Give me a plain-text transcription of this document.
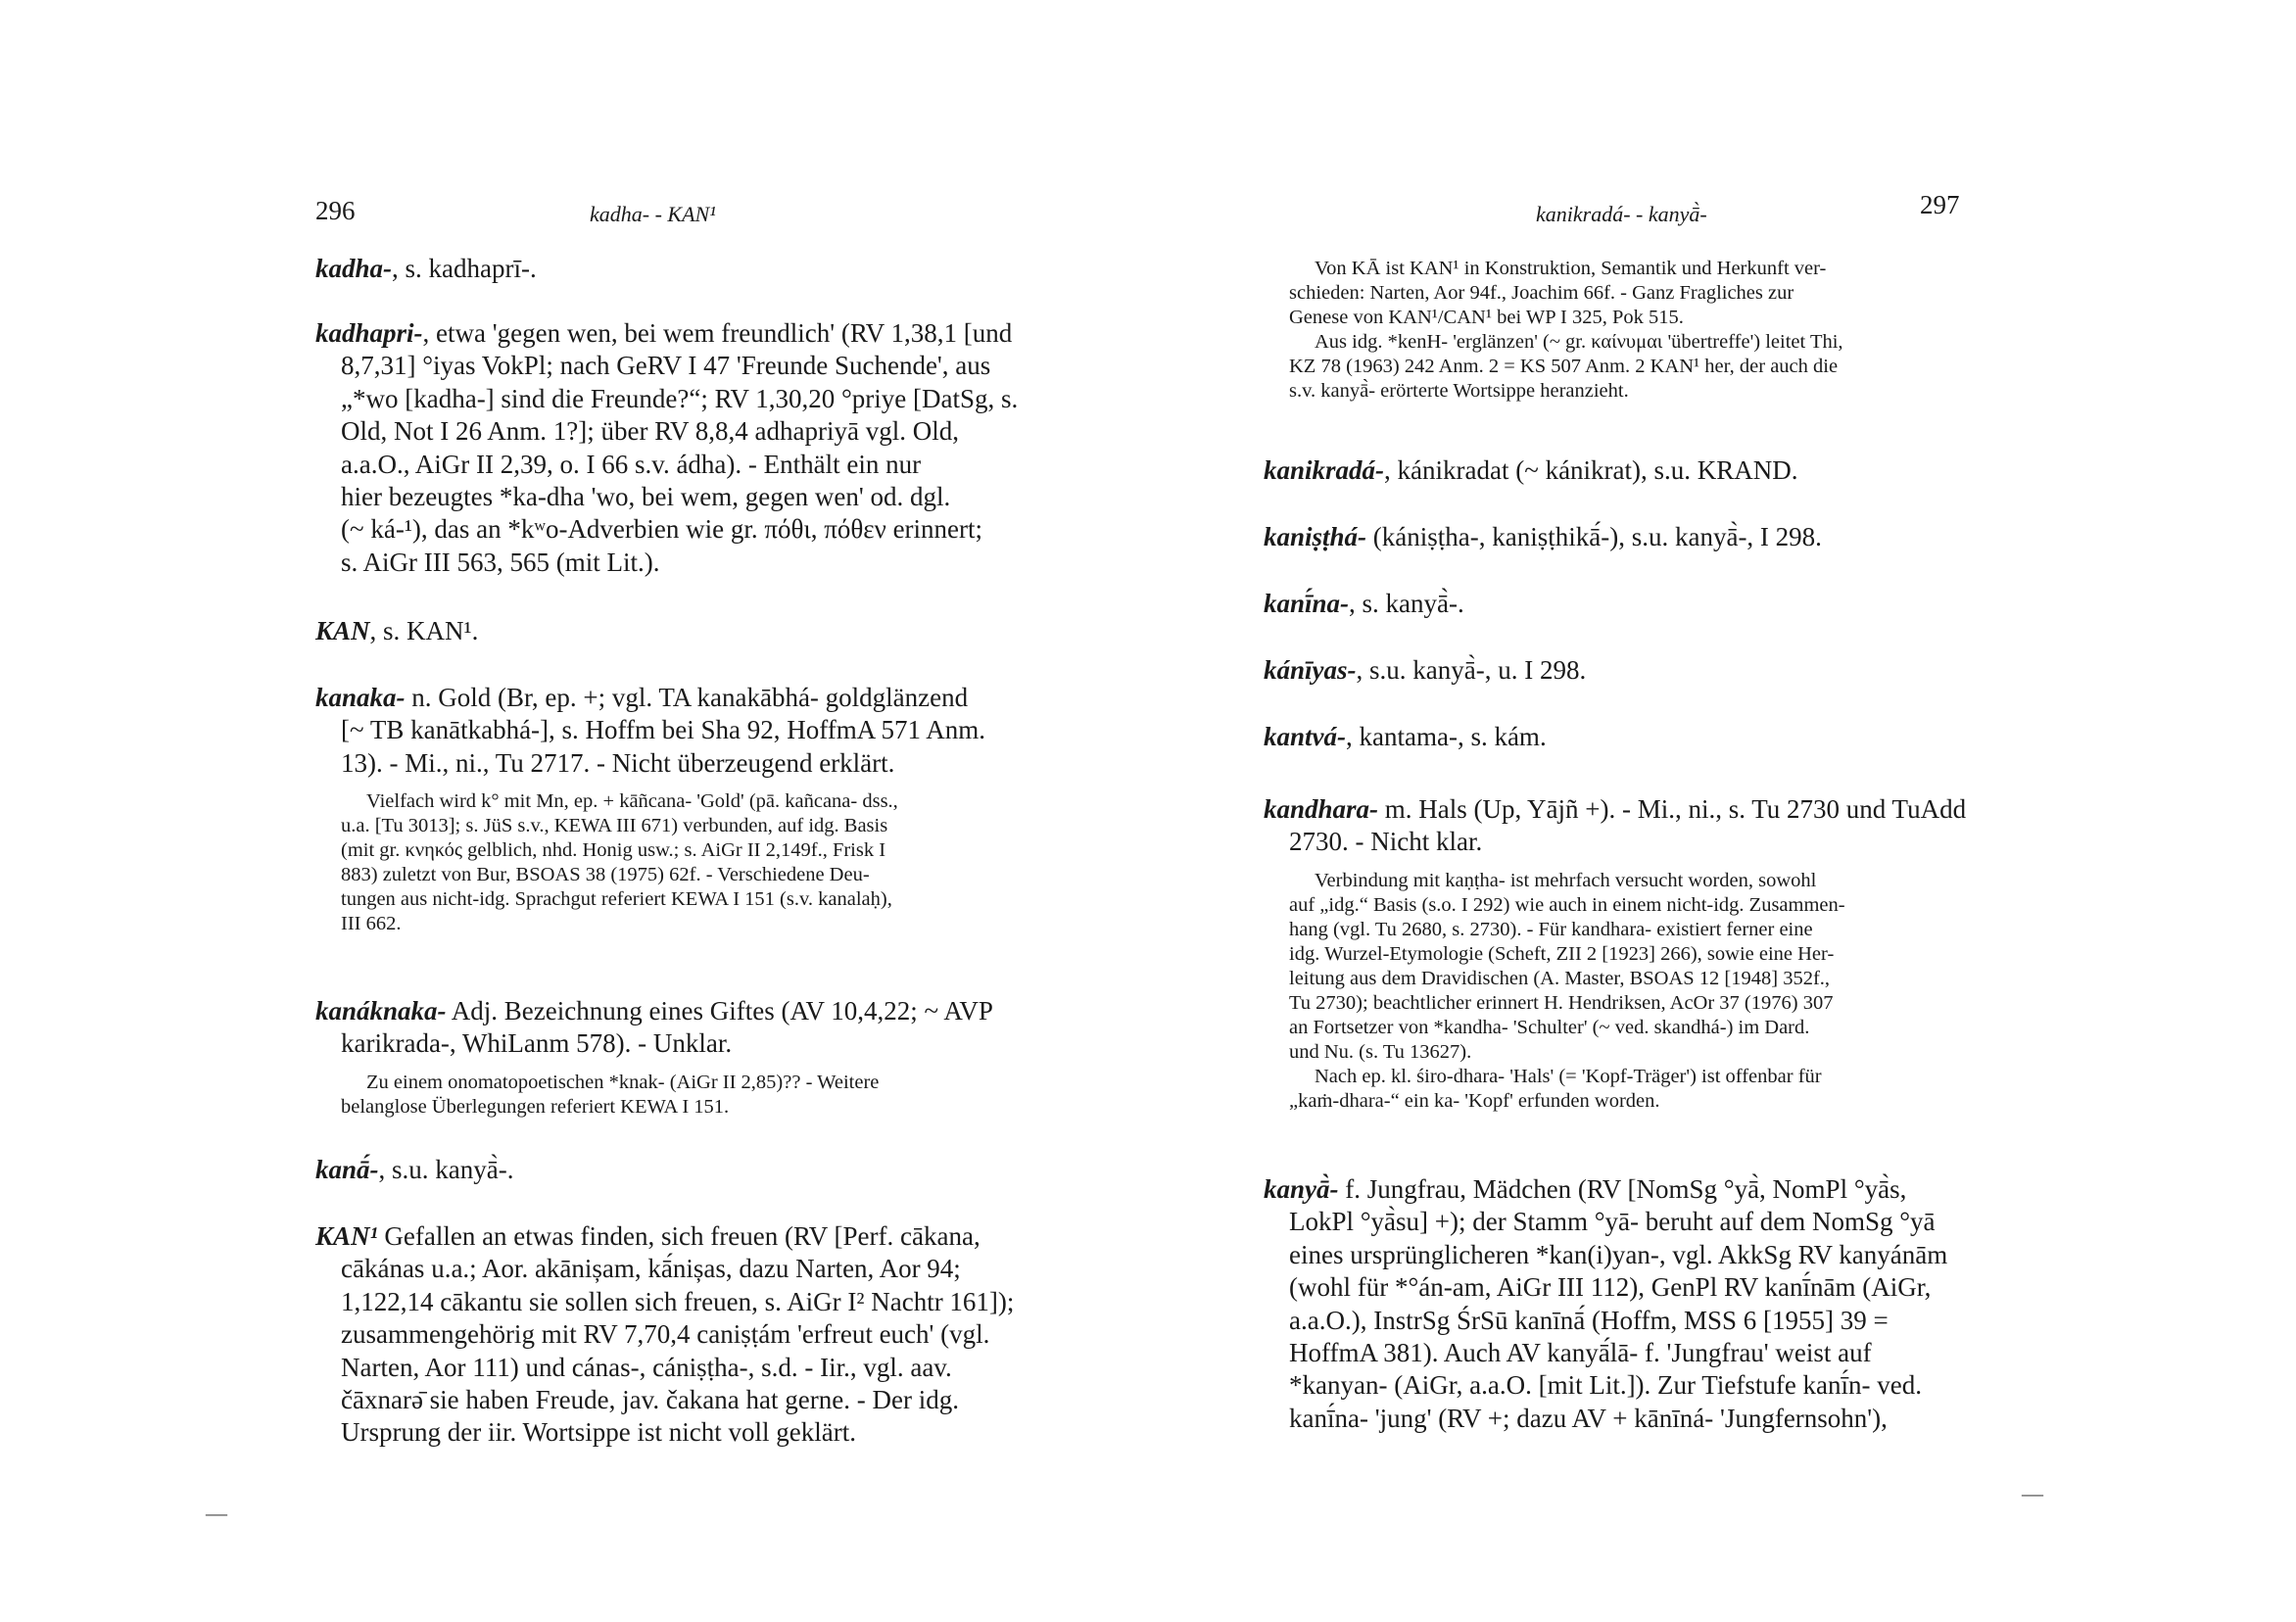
296	kadha- - KAN¹

kadha-, s. kadhaprī-.

kadhapri-, etwa 'gegen wen, bei wem freundlich' (RV 1,38,1 [und

8,7,31] °iyas VokPl; nach GeRV I 47 'Freunde Suchende', aus
„*wo [kadha-] sind die Freunde?“; RV 1,30,20 °priye [DatSg, s.
Old, Not I 26 Anm. 1?]; über RV 8,8,4 adhapriyā vgl. Old,
a.a.O., AiGr II 2,39, o. I 66 s.v. ádha). - Enthält ein nur
hier bezeugtes *ka-dha 'wo, bei wem, gegen wen' od. dgl.
(~ ká-¹), das an *kʷo-Adverbien wie gr. πόθι, πόθεν erinnert;
s. AiGr III 563, 565 (mit Lit.).

KAN, s. KAN¹.

kanaka- n. Gold (Br, ep. +; vgl. TA kanakābhá- goldglänzend

[~ TB kanātkabhá-], s. Hoffm bei Sha 92, HoffmA 571 Anm.
13). - Mi., ni., Tu 2717. - Nicht überzeugend erklärt.
Vielfach wird k° mit Mn, ep. + kāñcana- 'Gold' (pā. kañcana- dss.,
u.a. [Tu 3013]; s. JüS s.v., KEWA III 671) verbunden, auf idg. Basis
(mit gr. κνηκός gelblich, nhd. Honig usw.; s. AiGr II 2,149f., Frisk I
883) zuletzt von Bur, BSOAS 38 (1975) 62f. - Verschiedene Deu-
tungen aus nicht-idg. Sprachgut referiert KEWA I 151 (s.v. kanalaḥ),
III 662.

kanáknaka- Adj. Bezeichnung eines Giftes (AV 10,4,22; ~ AVP

karikrada-, WhiLanm 578). - Unklar.
Zu einem onomatopoetischen *knak- (AiGr II 2,85)?? - Weitere
belanglose Überlegungen referiert KEWA I 151.

kanā́-, s.u. kanyā̀-.

KAN¹ Gefallen an etwas finden, sich freuen (RV [Perf. cākana,

cākánas u.a.; Aor. akānișam, kā́nișas, dazu Narten, Aor 94;
1,122,14 cākantu sie sollen sich freuen, s. AiGr I² Nachtr 161]);
zusammengehörig mit RV 7,70,4 caniṣṭám 'erfreut euch' (vgl.
Narten, Aor 111) und cánas-, cániṣṭha-, s.d. - Iir., vgl. aav.
čāxnarə̄ sie haben Freude, jav. čakana hat gerne. - Der idg.
Ursprung der iir. Wortsippe ist nicht voll geklärt.
kanikradá- - kanyā̀-	297
Von KĀ ist KAN¹ in Konstruktion, Semantik und Herkunft ver-
schieden: Narten, Aor 94f., Joachim 66f. - Ganz Fragliches zur
Genese von KAN¹/CAN¹ bei WP I 325, Pok 515.
Aus idg. *kenH- 'erglänzen' (~ gr. καίνυμαι 'übertreffe') leitet Thi,
KZ 78 (1963) 242 Anm. 2 = KS 507 Anm. 2 KAN¹ her, der auch die
s.v. kanyā̀- erörterte Wortsippe heranzieht.

kanikradá-, kánikradat (~ kánikrat), s.u. KRAND.

kaniṣṭhá- (kániṣṭha-, kaniṣṭhikā́-), s.u. kanyā̀-, I 298.

kanī́na-, s. kanyā̀-.

kánīyas-, s.u. kanyā̀-, u. I 298.

kantvá-, kantama-, s. kám.

kandhara- m. Hals (Up, Yājñ +). - Mi., ni., s. Tu 2730 und TuAdd

2730. - Nicht klar.
Verbindung mit kaṇṭha- ist mehrfach versucht worden, sowohl
auf „idg.“ Basis (s.o. I 292) wie auch in einem nicht-idg. Zusammen-
hang (vgl. Tu 2680, s. 2730). - Für kandhara- existiert ferner eine
idg. Wurzel-Etymologie (Scheft, ZII 2 [1923] 266), sowie eine Her-
leitung aus dem Dravidischen (A. Master, BSOAS 12 [1948] 352f.,
Tu 2730); beachtlicher erinnert H. Hendriksen, AcOr 37 (1976) 307
an Fortsetzer von *kandha- 'Schulter' (~ ved. skandhá-) im Dard.
und Nu. (s. Tu 13627).
Nach ep. kl. śiro-dhara- 'Hals' (= 'Kopf-Träger') ist offenbar für
„kaṁ-dhara-“ ein ka- 'Kopf' erfunden worden.

kanyā̀- f. Jungfrau, Mädchen (RV [NomSg °yā̀, NomPl °yā̀s,

LokPl °yā̀su] +); der Stamm °yā- beruht auf dem NomSg °yā
eines ursprünglicheren *kan(i)yan-, vgl. AkkSg RV kanyánām
(wohl für *°án-am, AiGr III 112), GenPl RV kanī́nām (AiGr,
a.a.O.), InstrSg ŚrSū kanīnā́ (Hoffm, MSS 6 [1955] 39 =
HoffmA 381). Auch AV kanyā́lā- f. 'Jungfrau' weist auf
*kanyan- (AiGr, a.a.O. [mit Lit.]). Zur Tiefstufe kanī́n- ved.
kanī́na- 'jung' (RV +; dazu AV + kānīná- 'Jungfernsohn'),
—
—
